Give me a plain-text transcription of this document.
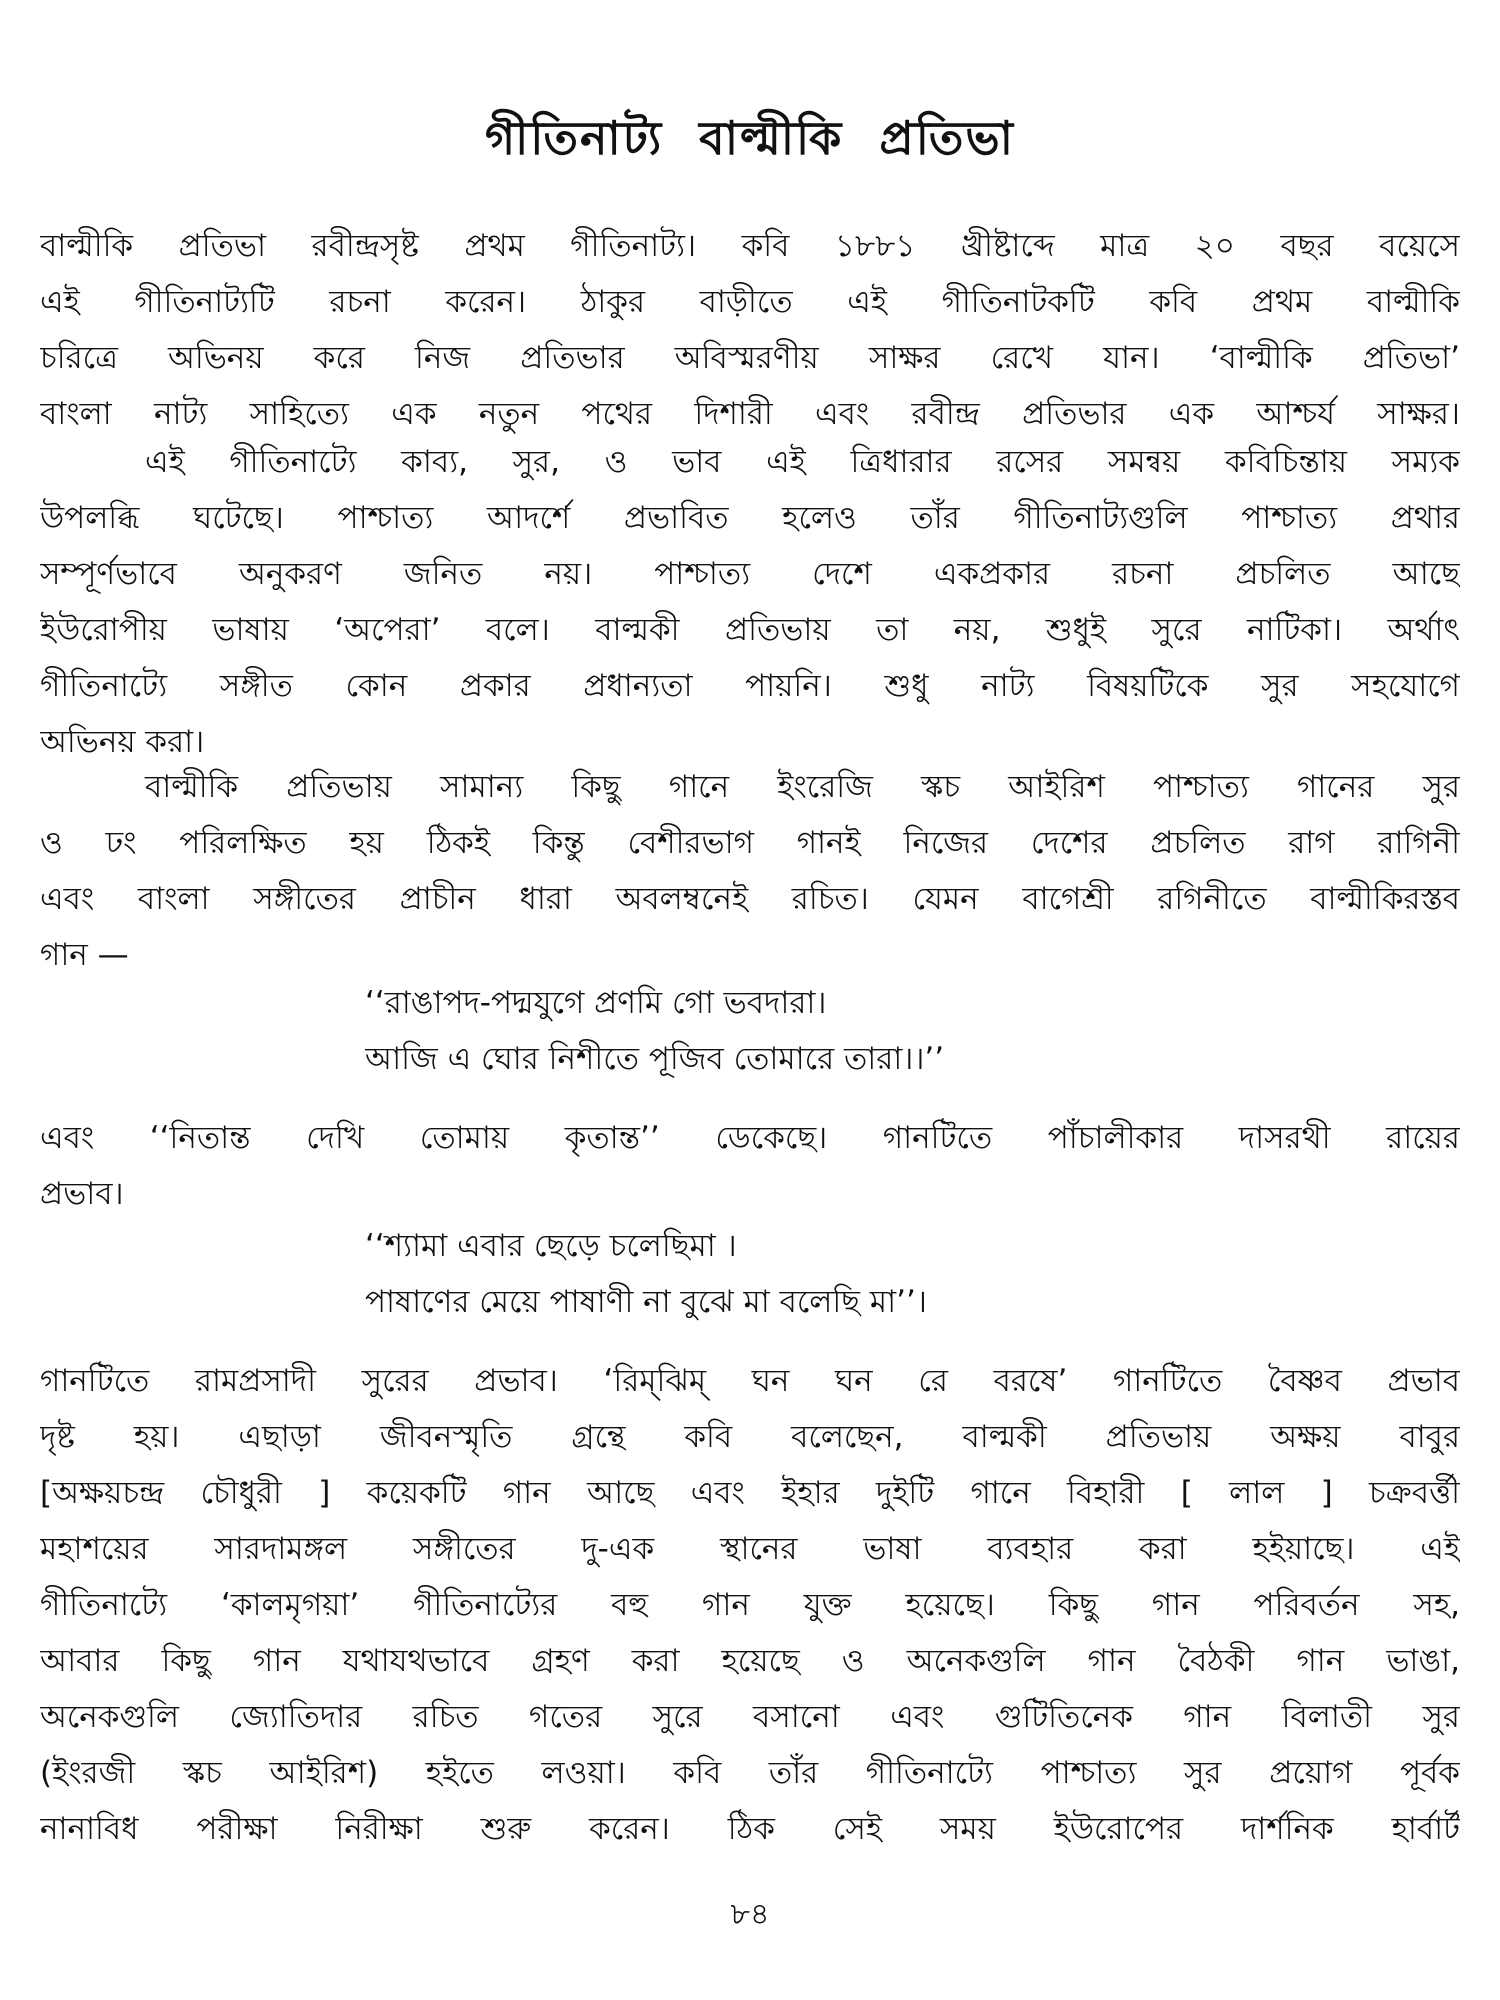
গীতিনাট্য বাল্মীকি প্রতিভা
বাল্মীকি প্রতিভা রবীন্দ্রসৃষ্ট প্রথম গীতিনাট্য। কবি ১৮৮১ খ্রীষ্টাব্দে মাত্র ২০ বছর বয়েসে
এই গীতিনাট্যটি রচনা করেন। ঠাকুর বাড়ীতে এই গীতিনাটকটি কবি প্রথম বাল্মীকি
চরিত্রে অভিনয় করে নিজ প্রতিভার অবিস্মরণীয় সাক্ষর রেখে যান। ‘বাল্মীকি প্রতিভা’
বাংলা নাট্য সাহিত্যে এক নতুন পথের দিশারী এবং রবীন্দ্র প্রতিভার এক আশ্চর্য সাক্ষর।
এই গীতিনাট্যে কাব্য, সুর, ও ভাব এই ত্রিধারার রসের সমন্বয় কবিচিন্তায় সম্যক
উপলব্ধি ঘটেছে। পাশ্চাত্য আদর্শে প্রভাবিত হলেও তাঁর গীতিনাট্যগুলি পাশ্চাত্য প্রথার
সম্পূর্ণভাবে অনুকরণ জনিত নয়। পাশ্চাত্য দেশে একপ্রকার রচনা প্রচলিত আছে
ইউরোপীয় ভাষায় ‘অপেরা’ বলে। বাল্মকী প্রতিভায় তা নয়, শুধুই সুরে নাটিকা। অর্থাৎ
গীতিনাট্যে সঙ্গীত কোন প্রকার প্রধান্যতা পায়নি। শুধু নাট্য বিষয়টিকে সুর সহযোগে
অভিনয় করা।
বাল্মীকি প্রতিভায় সামান্য কিছু গানে ইংরেজি স্কচ আইরিশ পাশ্চাত্য গানের সুর
ও ঢং পরিলক্ষিত হয় ঠিকই কিন্তু বেশীরভাগ গানই নিজের দেশের প্রচলিত রাগ রাগিনী
এবং বাংলা সঙ্গীতের প্রাচীন ধারা অবলম্বনেই রচিত। যেমন বাগেশ্রী রগিনীতে বাল্মীকিরস্তব
গান —
‘‘রাঙাপদ-পদ্মযুগে প্রণমি গো ভবদারা।
আজি এ ঘোর নিশীতে পূজিব তোমারে তারা।।’’
এবং ‘‘নিতান্ত দেখি তোমায় কৃতান্ত’’ ডেকেছে। গানটিতে পাঁচালীকার দাসরথী রায়ের
প্রভাব।
‘‘শ্যামা এবার ছেড়ে চলেছিমা ।
পাষাণের মেয়ে পাষাণী না বুঝে মা বলেছি মা’’।
গানটিতে রামপ্রসাদী সুরের প্রভাব। ‘রিম্‌ঝিম্‌ ঘন ঘন রে বরষে’ গানটিতে বৈষ্ণব প্রভাব
দৃষ্ট হয়। এছাড়া জীবনস্মৃতি গ্রন্থে কবি বলেছেন, বাল্মকী প্রতিভায় অক্ষয় বাবুর
[অক্ষয়চন্দ্র চৌধুরী ] কয়েকটি গান আছে এবং ইহার দুইটি গানে বিহারী [ লাল ] চক্রবর্ত্তী
মহাশয়ের সারদামঙ্গল সঙ্গীতের দু-এক স্থানের ভাষা ব্যবহার করা হইয়াছে। এই
গীতিনাট্যে ‘কালমৃগয়া’ গীতিনাট্যের বহু গান যুক্ত হয়েছে। কিছু গান পরিবর্তন সহ,
আবার কিছু গান যথাযথভাবে গ্রহণ করা হয়েছে ও অনেকগুলি গান বৈঠকী গান ভাঙা,
অনেকগুলি জ্যোতিদার রচিত গতের সুরে বসানো এবং গুটিতিনেক গান বিলাতী সুর
(ইংরজী স্কচ আইরিশ) হইতে লওয়া। কবি তাঁর গীতিনাট্যে পাশ্চাত্য সুর প্রয়োগ পূর্বক
নানাবিধ পরীক্ষা নিরীক্ষা শুরু করেন। ঠিক সেই সময় ইউরোপের দার্শনিক হার্বার্ট
৮৪
